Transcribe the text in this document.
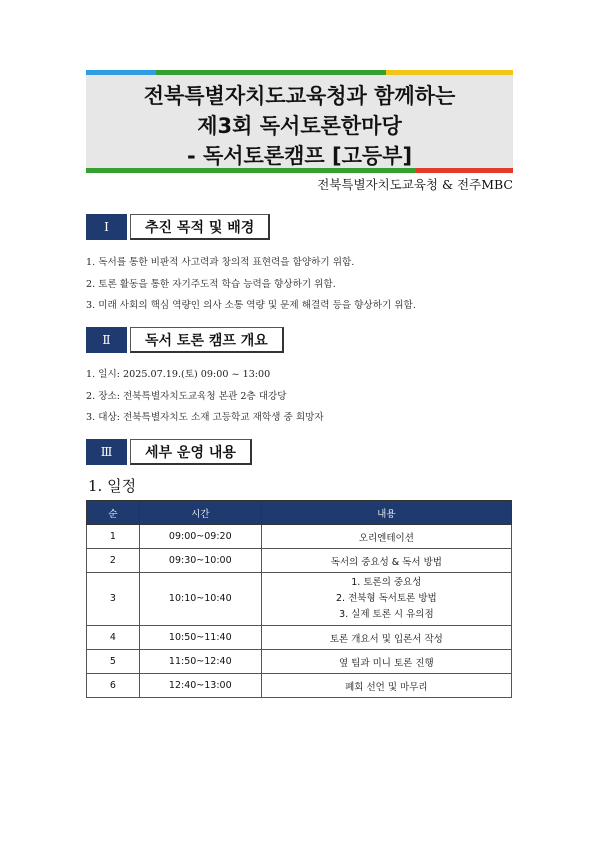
전북특별자치도교육청과 함께하는
제3회 독서토론한마당
- 독서토론캠프 [고등부]
전북특별자치도교육청 & 전주MBC
Ⅰ	추진 목적 및 배경
1. 독서를 통한 비판적 사고력과 창의적 표현력을 함양하기 위함.
2. 토론 활동을 통한 자기주도적 학습 능력을 향상하기 위함.
3. 미래 사회의 핵심 역량인 의사 소통 역량 및 문제 해결력 등을 향상하기 위함.
Ⅱ	독서 토론 캠프 개요
1. 일시: 2025.07.19.(토) 09:00 ~ 13:00
2. 장소: 전북특별자치도교육청 본관 2층 대강당
3. 대상: 전북특별자치도 소재 고등학교 재학생 중 희망자
Ⅲ	세부 운영 내용
1. 일정
순	시간	내용
1	09:00~09:20	오리엔테이션
2	09:30~10:00	독서의 중요성 & 독서 방법
3	10:10~10:40	1. 토론의 중요성
2. 전북형 독서토론 방법
3. 실제 토론 시 유의점

4	10:50~11:40	토론 개요서 및 입론서 작성
5	11:50~12:40	옆 팀과 미니 토론 진행
6	12:40~13:00	폐회 선언 및 마무리
